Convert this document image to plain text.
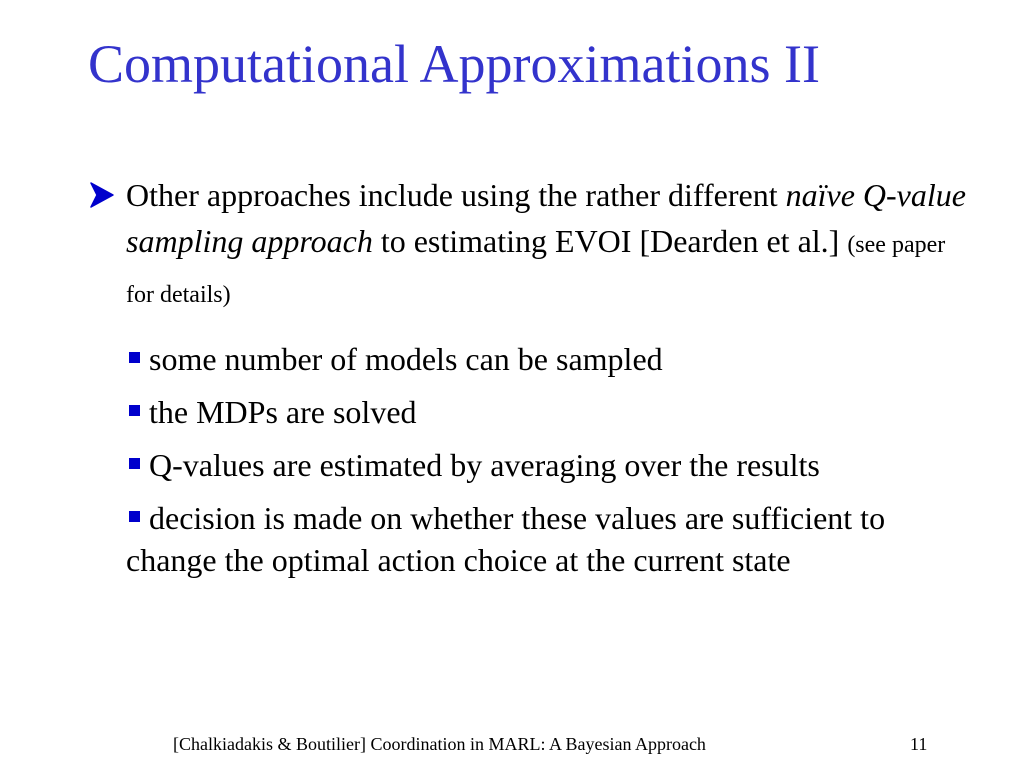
Computational Approximations II
Other approaches include using the rather different naïve Q-value sampling approach to estimating EVOI [Dearden et al.] (see paper for details)
some number of models can be sampled
the MDPs are solved
Q-values are estimated by averaging over the results
decision is made on whether these values are sufficient to change the optimal action choice at the current state
[Chalkiadakis & Boutilier] Coordination in MARL: A Bayesian Approach	11
